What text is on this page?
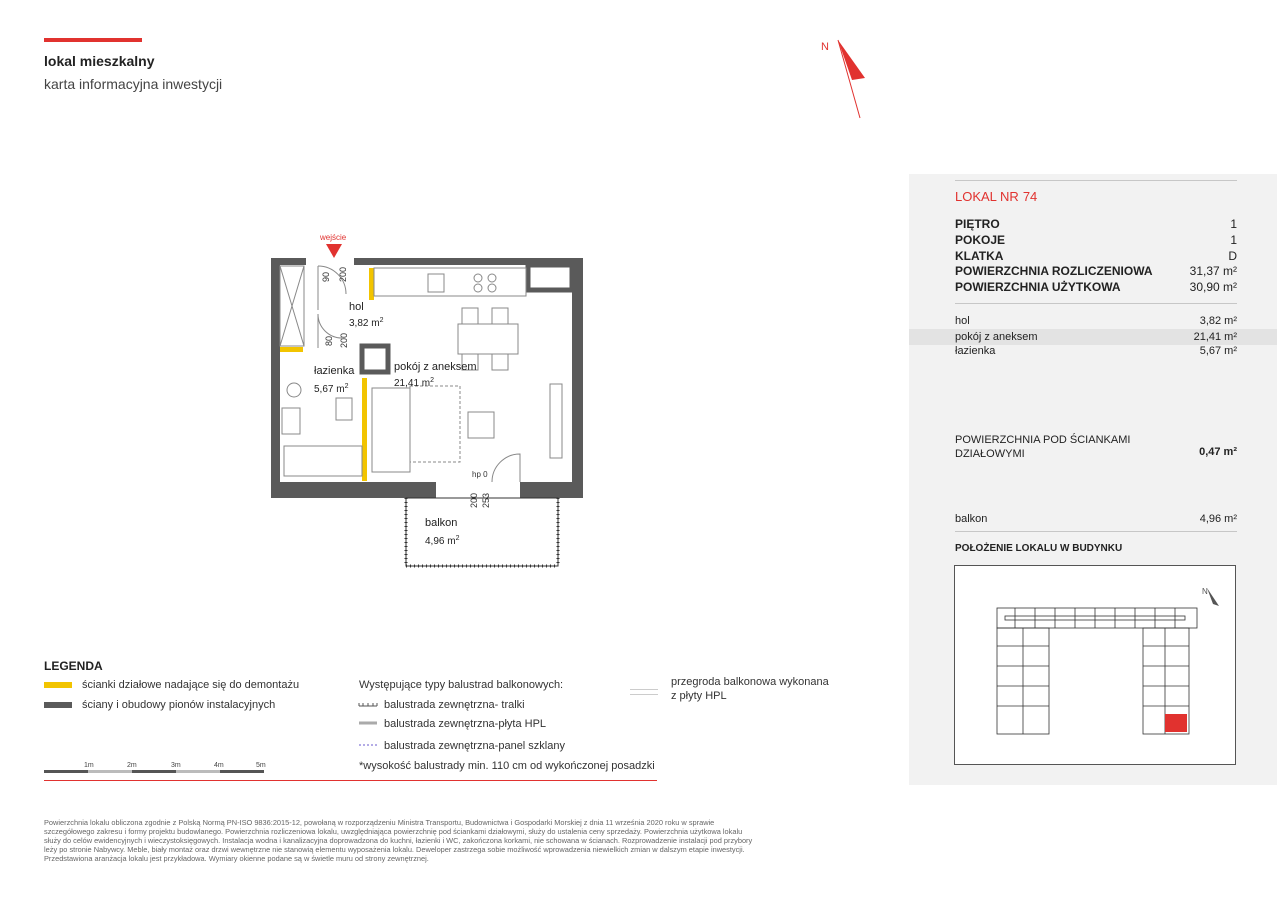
lokal mieszkalny
karta informacyjna inwestycji
N
wejście
90 200
80 200
200 253
hp 0
hol
3,82 $m^2$
pokój z aneksem
21,41 $m^2$
łazienka
5,67 $m^2$
balkon
4,96 $m^2$
LOKAL NR 74
PIĘTRO	1
POKOJE	1
KLATKA	D
POWIERZCHNIA ROZLICZENIOWA	31,37 m²
POWIERZCHNIA UŻYTKOWA	30,90 m²
hol	3,82 m²
pokój z aneksem	21,41 m²
łazienka	5,67 m²
POWIERZCHNIA POD ŚCIANKAMI
DZIAŁOWYMI	0,47 m²
balkon	4,96 m²
POŁOŻENIE LOKALU W BUDYNKU
N
LEGENDA
ścianki działowe nadające się do demontażu
ściany i obudowy pionów instalacyjnych
Występujące typy balustrad balkonowych:
balustrada zewnętrzna- tralki
balustrada zewnętrzna-płyta HPL
balustrada zewnętrzna-panel szklany
*wysokość balustrady min. 110 cm od wykończonej posadzki
przegroda balkonowa wykonana
z płyty HPL
1m	2m	3m	4m	5m
Powierzchnia lokalu obliczona zgodnie z Polską Normą PN-ISO 9836:2015-12, powołaną w rozporządzeniu Ministra Transportu, Budownictwa i Gospodarki Morskiej z dnia 11 września 2020 roku w sprawie
szczegółowego zakresu i formy projektu budowlanego. Powierzchnia rozliczeniowa lokalu, uwzględniająca powierzchnię pod ściankami działowymi, służy do ustalenia ceny sprzedaży. Powierzchnia użytkowa lokalu
służy do celów ewidencyjnych i wieczystoksięgowych. Instalacja wodna i kanalizacyjna doprowadzona do kuchni, łazienki i WC, zakończona korkami, nie schowana w ścianach. Rozprowadzenie instalacji pod przybory
leży po stronie Nabywcy. Meble, biały montaż oraz drzwi wewnętrzne nie stanowią elementu wyposażenia lokalu. Deweloper zastrzega sobie możliwość wprowadzenia niewielkich zmian w dalszym etapie inwestycji.
Przedstawiona aranżacja lokalu jest przykładowa. Wymiary okienne podane są w świetle muru od strony zewnętrznej.
